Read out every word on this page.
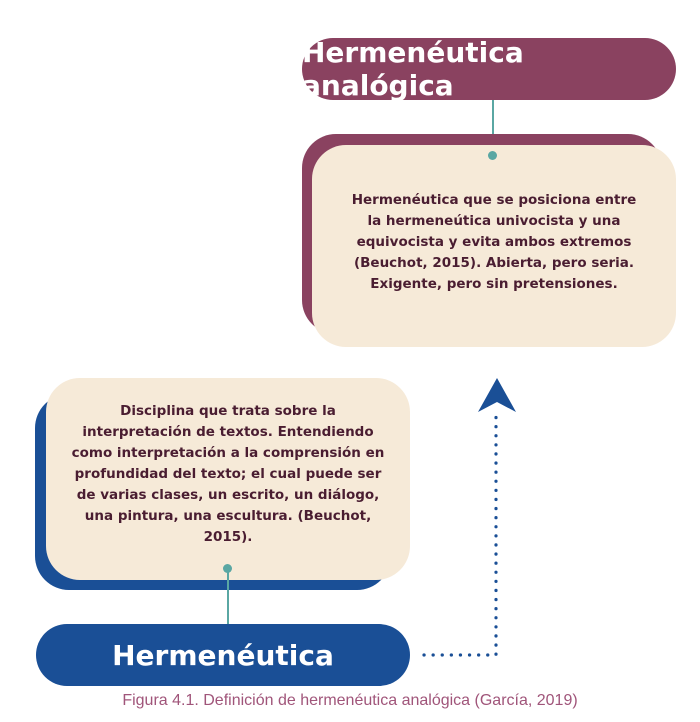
Hermenéutica analógica
Hermenéutica que se posiciona entre la hermeneútica univocista y una equivocista y evita ambos extremos (Beuchot, 2015). Abierta, pero seria. Exigente, pero sin pretensiones.
Disciplina que trata sobre la interpretación de textos. Entendiendo como interpretación a la comprensión en profundidad del texto; el cual puede ser de varias clases, un escrito, un diálogo, una pintura, una escultura. (Beuchot, 2015).
Hermenéutica
Figura 4.1. Definición de hermenéutica analógica (García, 2019)
